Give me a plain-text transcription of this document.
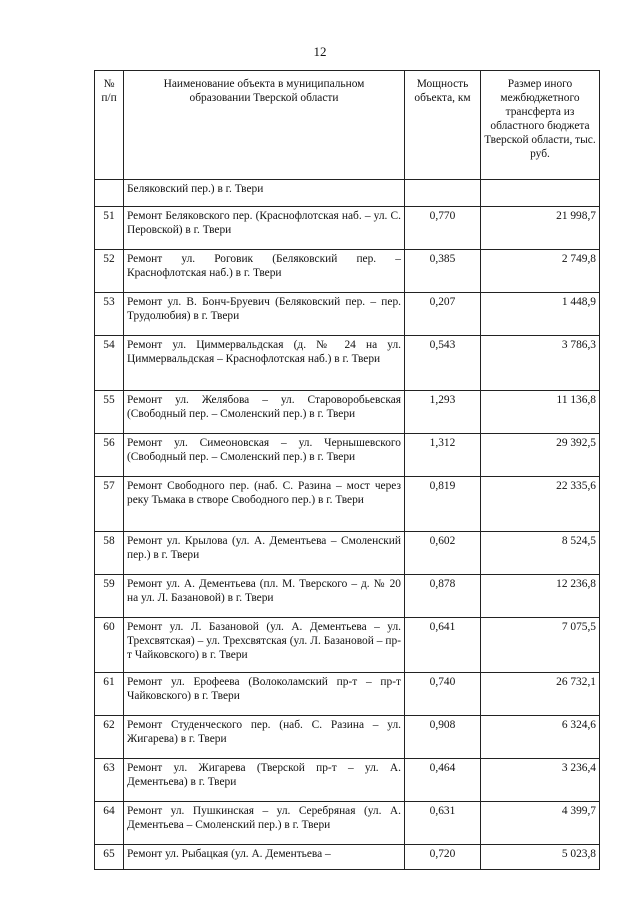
12
№ п/п	Наименование объекта в муниципальном образовании Тверской области	Мощность объекта, км	Размер иного межбюджетного трансферта из областного бюджета Тверской области, тыс. руб.
	Беляковский пер.) в г. Твери		
51	Ремонт Беляковского пер. (Краснофлотская наб. – ул. С. Перовской) в г. Твери	0,770	21 998,7
52	Ремонт ул. Роговик (Беляковский пер. – Краснофлотская наб.) в г. Твери	0,385	2 749,8
53	Ремонт ул. В. Бонч-Бруевич (Беляковский пер. – пер. Трудолюбия) в г. Твери	0,207	1 448,9
54	Ремонт ул. Циммервальдская (д. № 24 на ул. Циммервальдская – Краснофлотская наб.) в г. Твери	0,543	3 786,3
55	Ремонт ул. Желябова – ул. Староворобьевская (Свободный пер. – Смоленский пер.) в г. Твери	1,293	11 136,8
56	Ремонт ул. Симеоновская – ул. Чернышевского (Свободный пер. – Смоленский пер.) в г. Твери	1,312	29 392,5
57	Ремонт Свободного пер. (наб. С. Разина – мост через реку Тьмака в створе Свободного пер.) в г. Твери	0,819	22 335,6
58	Ремонт ул. Крылова (ул. А. Дементьева – Смоленский пер.) в г. Твери	0,602	8 524,5
59	Ремонт ул. А. Дементьева (пл. М. Тверского – д. № 20 на ул. Л. Базановой) в г. Твери	0,878	12 236,8
60	Ремонт ул. Л. Базановой (ул. А. Дементьева – ул. Трехсвятская) – ул. Трехсвятская (ул. Л. Базановой – пр-т Чайковского) в г. Твери	0,641	7 075,5
61	Ремонт ул. Ерофеева (Волоколамский пр-т – пр-т Чайковского) в г. Твери	0,740	26 732,1
62	Ремонт Студенческого пер. (наб. С. Разина – ул. Жигарева) в г. Твери	0,908	6 324,6
63	Ремонт ул. Жигарева (Тверской пр-т – ул. А. Дементьева) в г. Твери	0,464	3 236,4
64	Ремонт ул. Пушкинская – ул. Серебряная (ул. А. Дементьева – Смоленский пер.) в г. Твери	0,631	4 399,7
65	Ремонт ул. Рыбацкая (ул. А. Дементьева –	0,720	5 023,8
